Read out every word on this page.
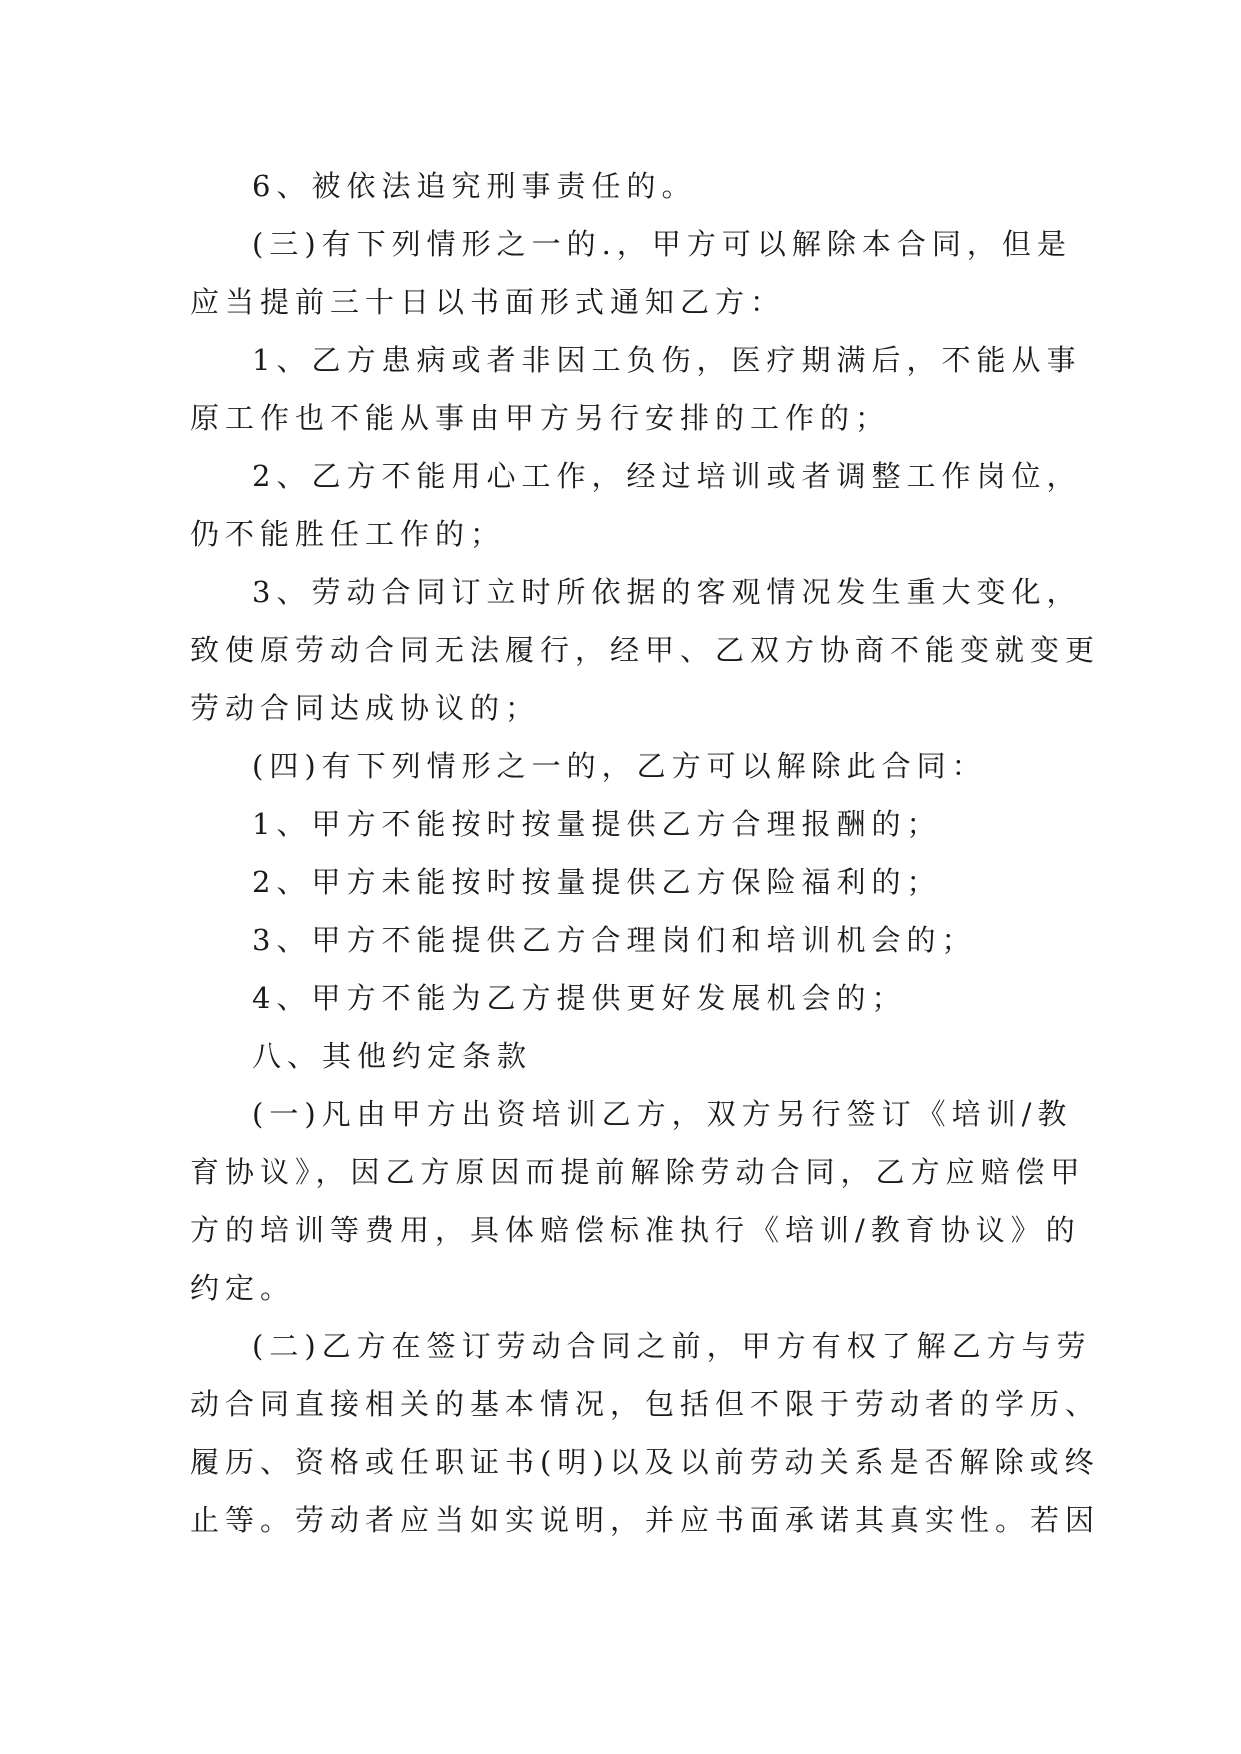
6、被依法追究刑事责任的。
(三)有下列情形之一的.，甲方可以解除本合同，但是
应当提前三十日以书面形式通知乙方：
1、乙方患病或者非因工负伤，医疗期满后，不能从事
原工作也不能从事由甲方另行安排的工作的；
2、乙方不能用心工作，经过培训或者调整工作岗位，
仍不能胜任工作的；
3、劳动合同订立时所依据的客观情况发生重大变化，
致使原劳动合同无法履行，经甲、乙双方协商不能变就变更
劳动合同达成协议的；
(四)有下列情形之一的，乙方可以解除此合同：
1、甲方不能按时按量提供乙方合理报酬的；
2、甲方未能按时按量提供乙方保险福利的；
3、甲方不能提供乙方合理岗们和培训机会的；
4、甲方不能为乙方提供更好发展机会的；
八、其他约定条款
(一)凡由甲方出资培训乙方，双方另行签订《培训/教
育协议》，因乙方原因而提前解除劳动合同，乙方应赔偿甲
方的培训等费用，具体赔偿标准执行《培训/教育协议》的
约定。
(二)乙方在签订劳动合同之前，甲方有权了解乙方与劳
动合同直接相关的基本情况，包括但不限于劳动者的学历、
履历、资格或任职证书(明)以及以前劳动关系是否解除或终
止等。劳动者应当如实说明，并应书面承诺其真实性。若因
